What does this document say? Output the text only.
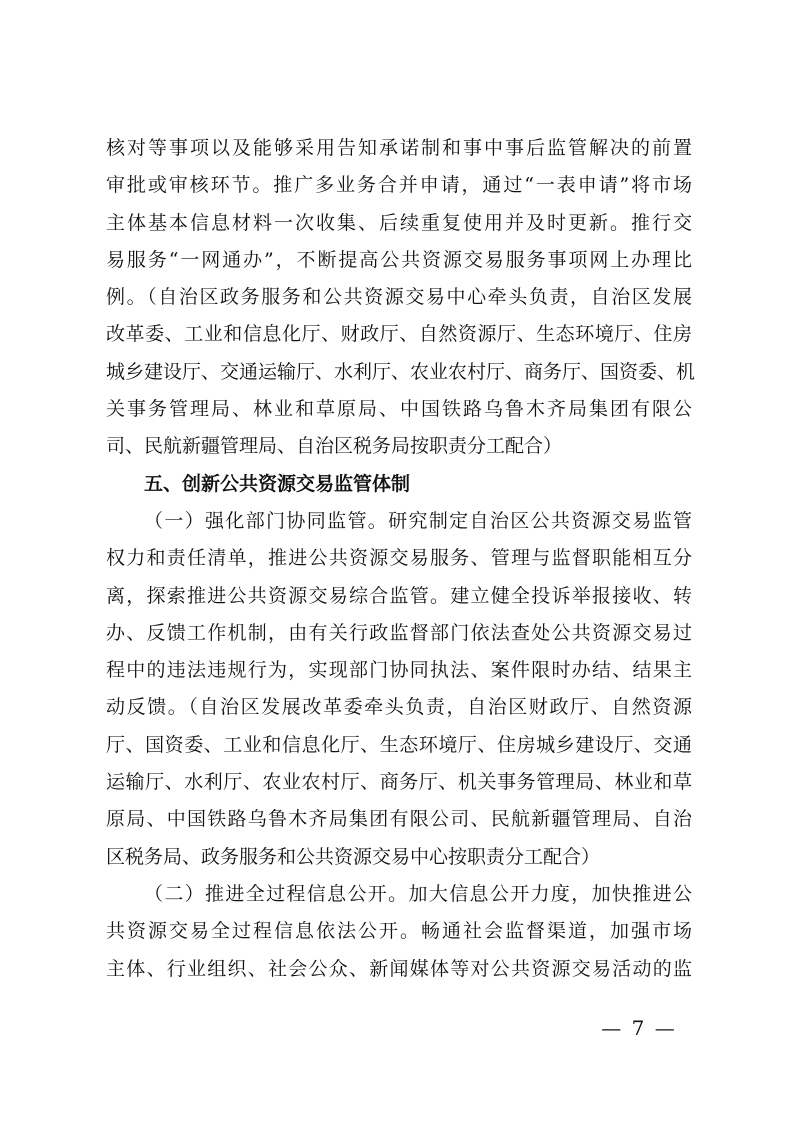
核对等事项以及能够采用告知承诺制和事中事后监管解决的前置
审批或审核环节。推广多业务合并申请，通过“一表申请”将市场
主体基本信息材料一次收集、后续重复使用并及时更新。推行交
易服务“一网通办”，不断提高公共资源交易服务事项网上办理比
例。（自治区政务服务和公共资源交易中心牵头负责，自治区发展
改革委、工业和信息化厅、财政厅、自然资源厅、生态环境厅、住房
城乡建设厅、交通运输厅、水利厅、农业农村厅、商务厅、国资委、机
关事务管理局、林业和草原局、中国铁路乌鲁木齐局集团有限公
司、民航新疆管理局、自治区税务局按职责分工配合）
五、创新公共资源交易监管体制
（一）强化部门协同监管。研究制定自治区公共资源交易监管
权力和责任清单，推进公共资源交易服务、管理与监督职能相互分
离，探索推进公共资源交易综合监管。建立健全投诉举报接收、转
办、反馈工作机制，由有关行政监督部门依法查处公共资源交易过
程中的违法违规行为，实现部门协同执法、案件限时办结、结果主
动反馈。（自治区发展改革委牵头负责，自治区财政厅、自然资源
厅、国资委、工业和信息化厅、生态环境厅、住房城乡建设厅、交通
运输厅、水利厅、农业农村厅、商务厅、机关事务管理局、林业和草
原局、中国铁路乌鲁木齐局集团有限公司、民航新疆管理局、自治
区税务局、政务服务和公共资源交易中心按职责分工配合）
（二）推进全过程信息公开。加大信息公开力度，加快推进公
共资源交易全过程信息依法公开。畅通社会监督渠道，加强市场
主体、行业组织、社会公众、新闻媒体等对公共资源交易活动的监
— 7 —
